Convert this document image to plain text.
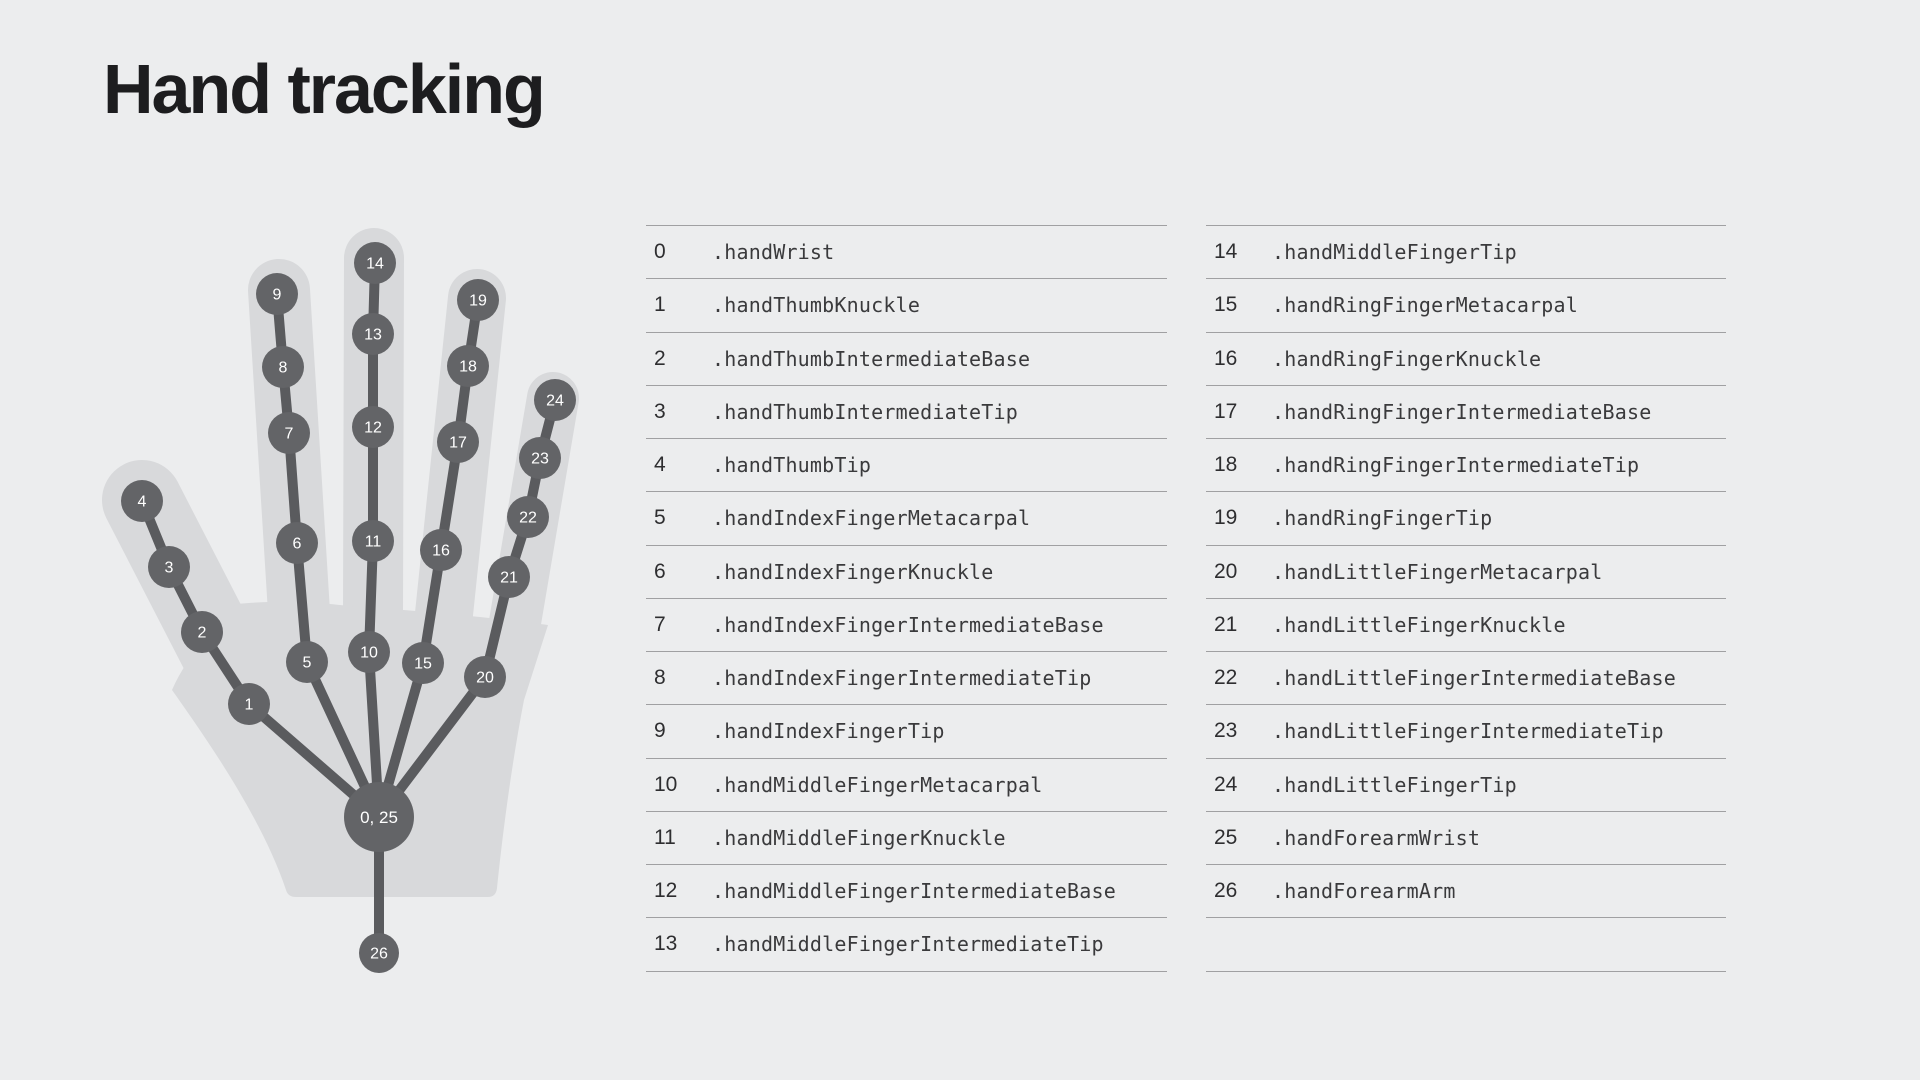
Hand tracking
0, 25
1
2
3
4
5
6
7
8
9
10
11
12
13
14
15
16
17
18
19
20
21
22
23
24
26
0	.handWrist
1	.handThumbKnuckle
2	.handThumbIntermediateBase
3	.handThumbIntermediateTip
4	.handThumbTip
5	.handIndexFingerMetacarpal
6	.handIndexFingerKnuckle
7	.handIndexFingerIntermediateBase
8	.handIndexFingerIntermediateTip
9	.handIndexFingerTip
10	.handMiddleFingerMetacarpal
11	.handMiddleFingerKnuckle
12	.handMiddleFingerIntermediateBase
13	.handMiddleFingerIntermediateTip
14	.handMiddleFingerTip
15	.handRingFingerMetacarpal
16	.handRingFingerKnuckle
17	.handRingFingerIntermediateBase
18	.handRingFingerIntermediateTip
19	.handRingFingerTip
20	.handLittleFingerMetacarpal
21	.handLittleFingerKnuckle
22	.handLittleFingerIntermediateBase
23	.handLittleFingerIntermediateTip
24	.handLittleFingerTip
25	.handForearmWrist
26	.handForearmArm
